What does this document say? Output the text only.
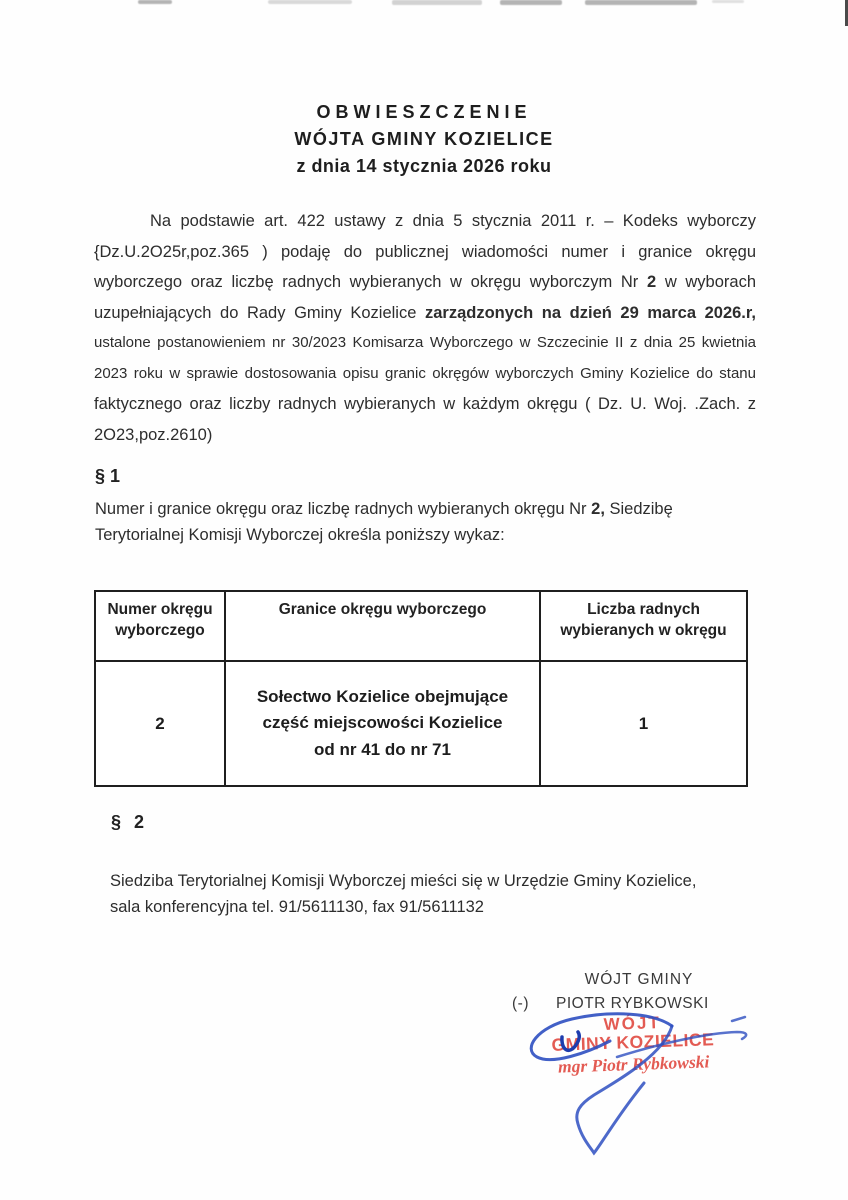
OBWIESZCZENIE
WÓJTA GMINY KOZIELICE
z dnia 14 stycznia 2026 roku
Na podstawie art. 422 ustawy z dnia 5 stycznia 2011 r. – Kodeks wyborczy
{Dz.U.2O25r,poz.365 ) podaję do publicznej wiadomości numer i granice okręgu
wyborczego oraz liczbę radnych wybieranych w okręgu wyborczym Nr 2 w wyborach
uzupełniających do Rady Gminy Kozielice zarządzonych na dzień 29 marca 2026.r,
ustalone postanowieniem nr 30/2023 Komisarza Wyborczego w Szczecinie II z dnia 25 kwietnia
2023 roku w sprawie dostosowania opisu granic okręgów wyborczych Gminy Kozielice do stanu
faktycznego oraz liczby radnych wybieranych w każdym okręgu ( Dz. U. Woj. .Zach. z
2O23,poz.2610)
§ 1
Numer i granice okręgu oraz liczbę radnych wybieranych okręgu Nr 2, Siedzibę
Terytorialnej Komisji Wyborczej określa poniższy wykaz:
Numer okręgu wyborczego	Granice okręgu wyborczego	Liczba radnych wybieranych w okręgu
2	Sołectwo Kozielice obejmujące część miejscowości Kozielice od nr 41 do nr 71	1
§ 2
Siedziba Terytorialnej Komisji Wyborczej mieści się w Urzędzie Gminy Kozielice,
sala konferencyjna tel. 91/5611130, fax 91/5611132
WÓJT GMINY
(-) PIOTR RYBKOWSKI
WÓJT
GMINY KOZIELICE
mgr Piotr Rybkowski
